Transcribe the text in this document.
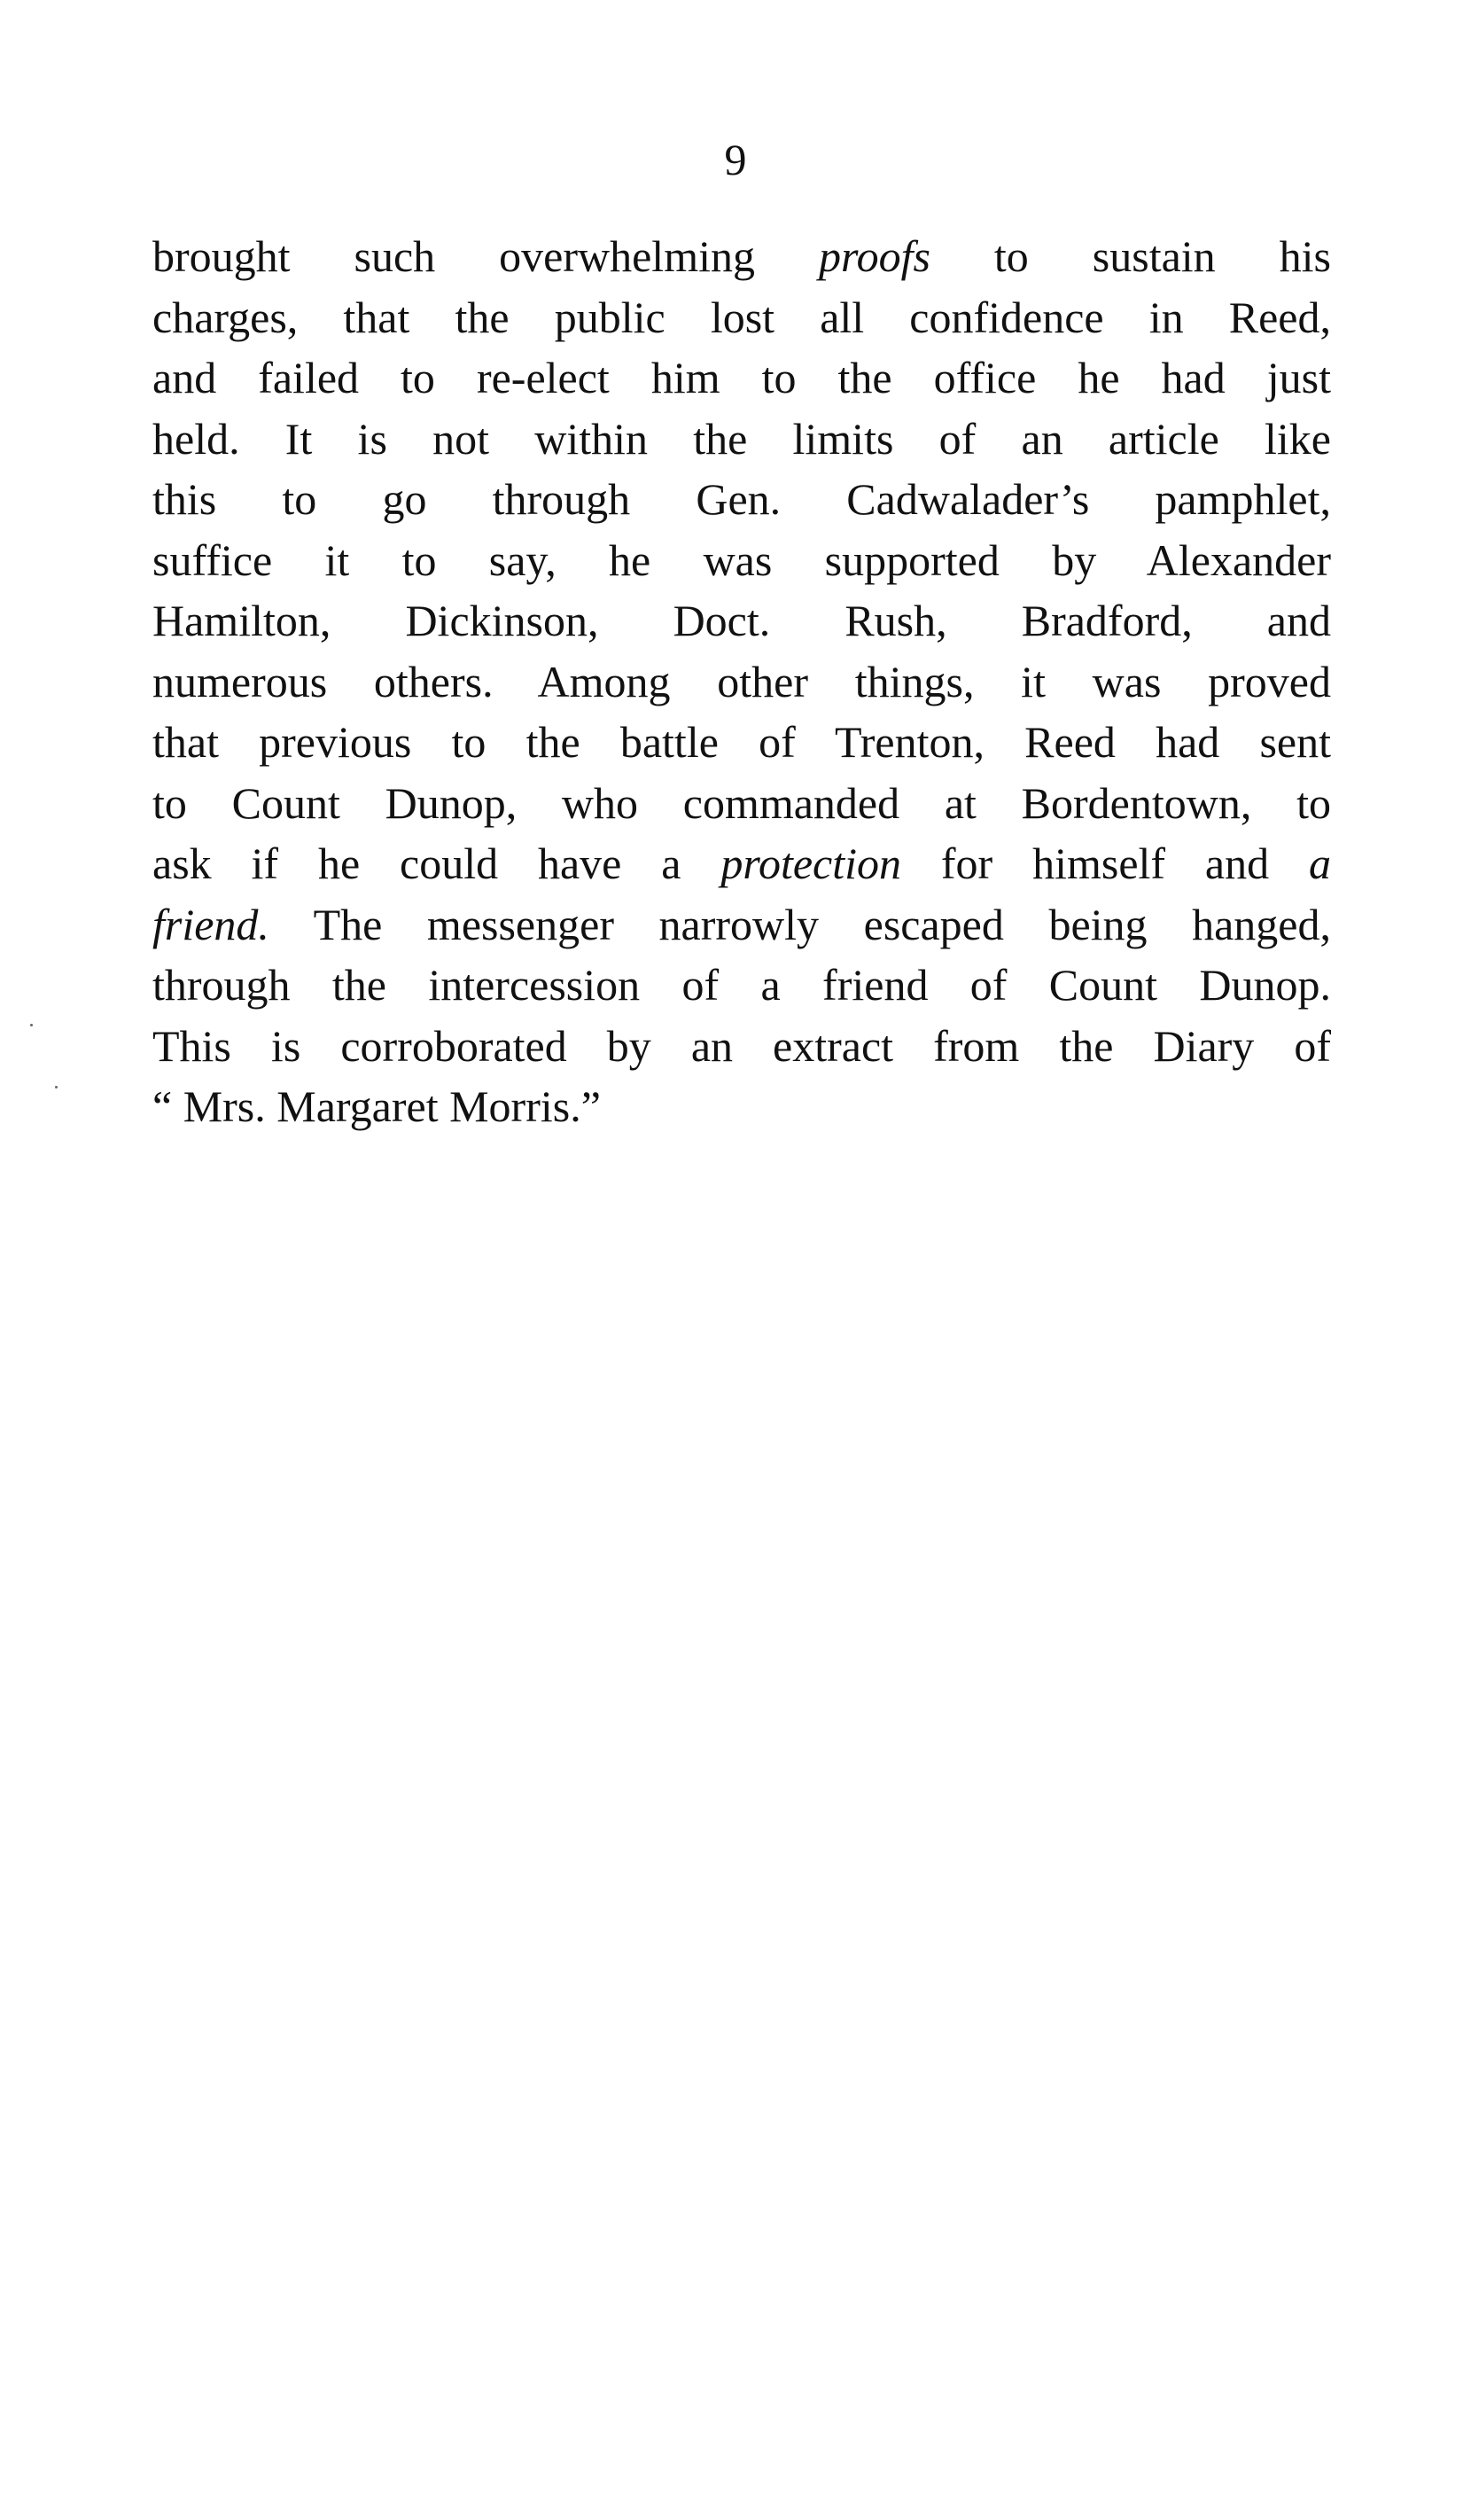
9
brought such overwhelming proofs to sustain his
charges, that the public lost all confidence in Reed,
and failed to re-elect him to the office he had just
held. It is not within the limits of an article like
this to go through Gen. Cadwalader’s pamphlet,
suffice it to say, he was supported by Alexander
Hamilton, Dickinson, Doct. Rush, Bradford, and
numerous others. Among other things, it was proved
that previous to the battle of Trenton, Reed had sent
to Count Dunop, who commanded at Bordentown, to
ask if he could have a protection for himself and a
friend. The messenger narrowly escaped being hanged,
through the intercession of a friend of Count Dunop.
This is corroborated by an extract from the Diary of
“ Mrs. Margaret Morris.”
